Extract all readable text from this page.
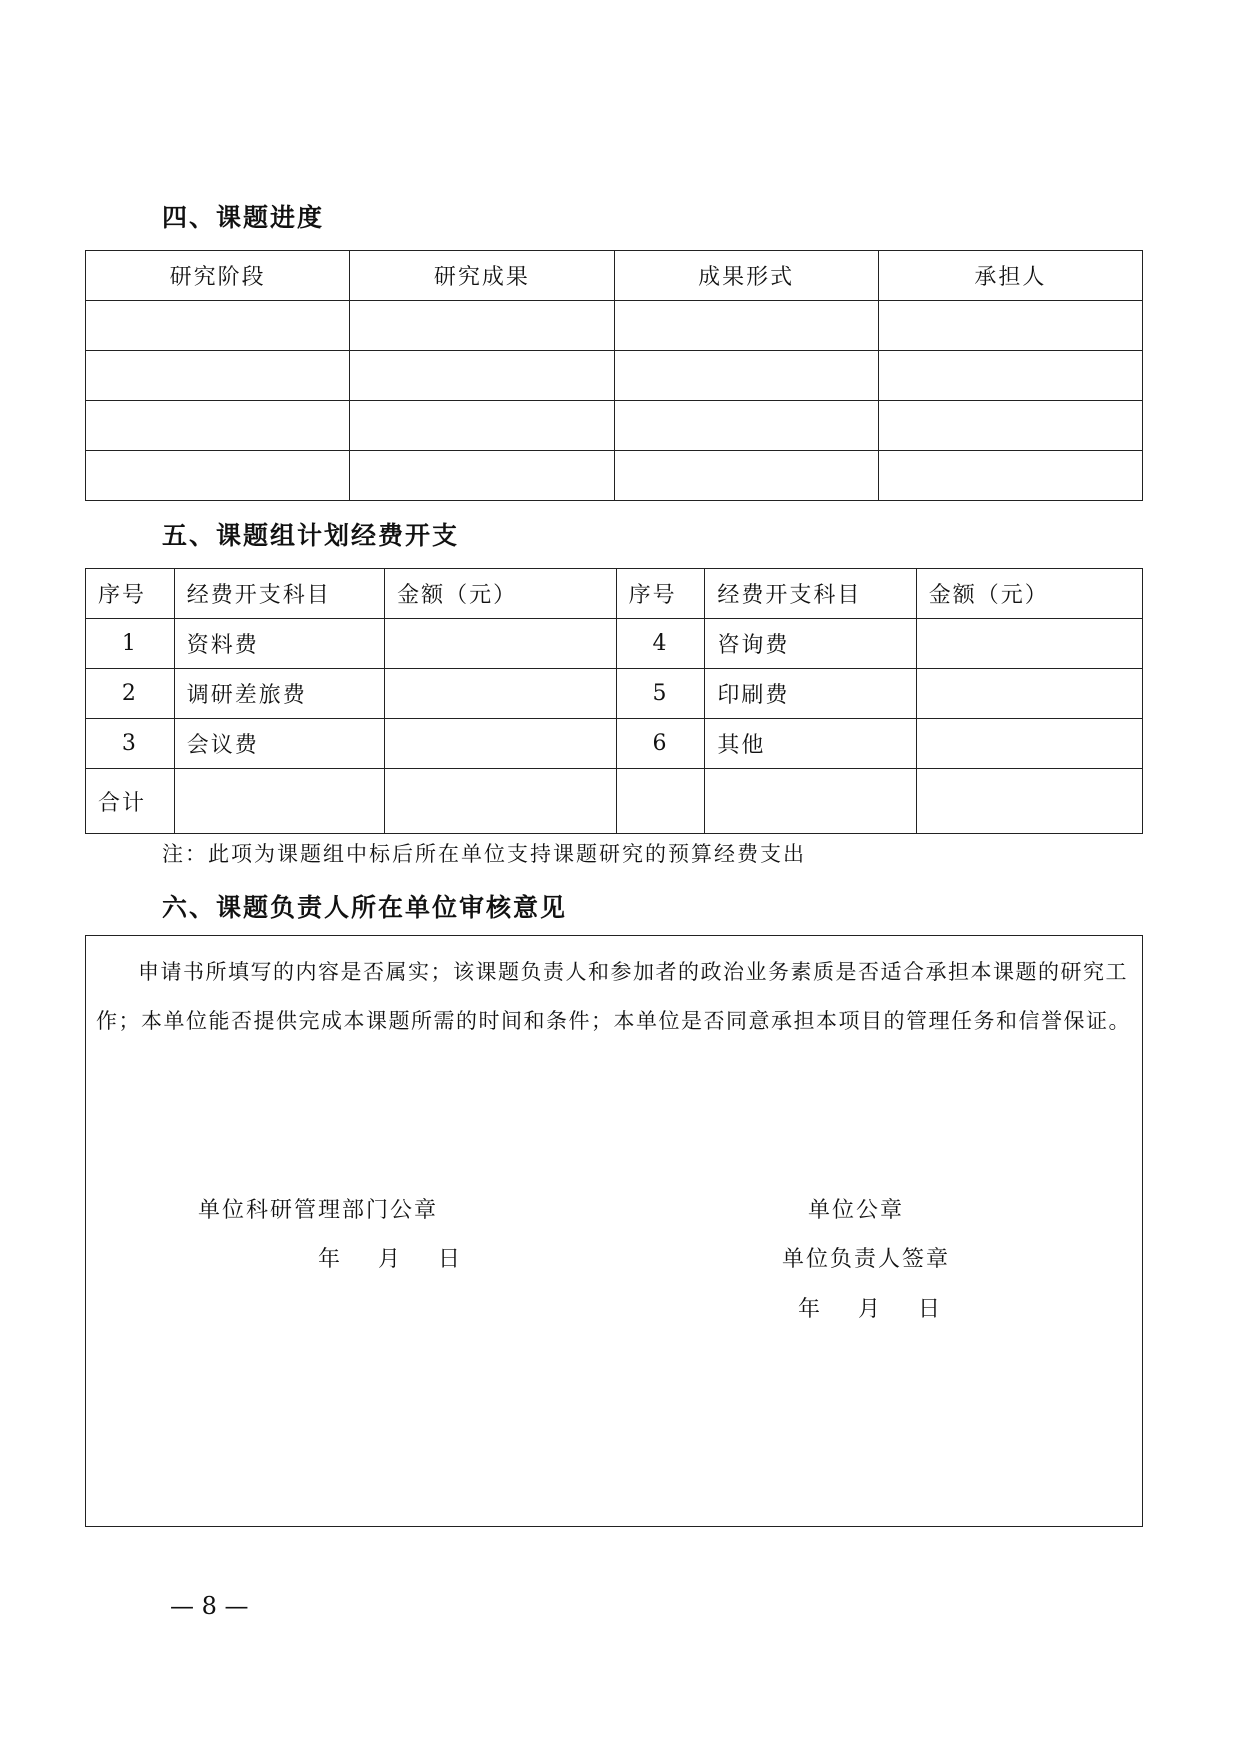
四、课题进度
研究阶段	研究成果	成果形式	承担人

五、课题组计划经费开支
序号	经费开支科目	金额（元）	序号	经费开支科目	金额（元）
1	资料费		4	咨询费	
2	调研差旅费		5	印刷费	
3	会议费		6	其他	
合计					

注：此项为课题组中标后所在单位支持课题研究的预算经费支出

六、课题负责人所在单位审核意见

申请书所填写的内容是否属实；该课题负责人和参加者的政治业务素质是否适合承担本课题的研究工作；本单位能否提供完成本课题所需的时间和条件；本单位是否同意承担本项目的管理任务和信誉保证。

单位科研管理部门公章
年    月    日
单位公章
单位负责人签章
年    月    日
— 8 —
